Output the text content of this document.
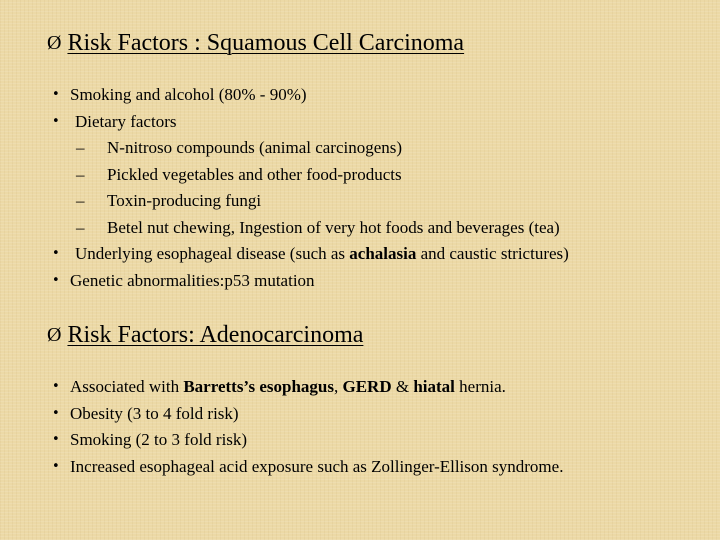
Ø Risk Factors : Squamous Cell Carcinoma
• Smoking and alcohol (80% - 90%)
• Dietary factors
– N-nitroso compounds (animal carcinogens)
– Pickled vegetables and other food-products
– Toxin-producing fungi
– Betel nut chewing, Ingestion of very hot foods and beverages (tea)
• Underlying esophageal disease (such as achalasia and caustic strictures)
• Genetic abnormalities:p53 mutation
Ø Risk Factors: Adenocarcinoma
• Associated with Barretts’s esophagus, GERD & hiatal hernia.
• Obesity (3 to 4 fold risk)
• Smoking (2 to 3 fold risk)
• Increased esophageal acid exposure such as Zollinger-Ellison syndrome.
